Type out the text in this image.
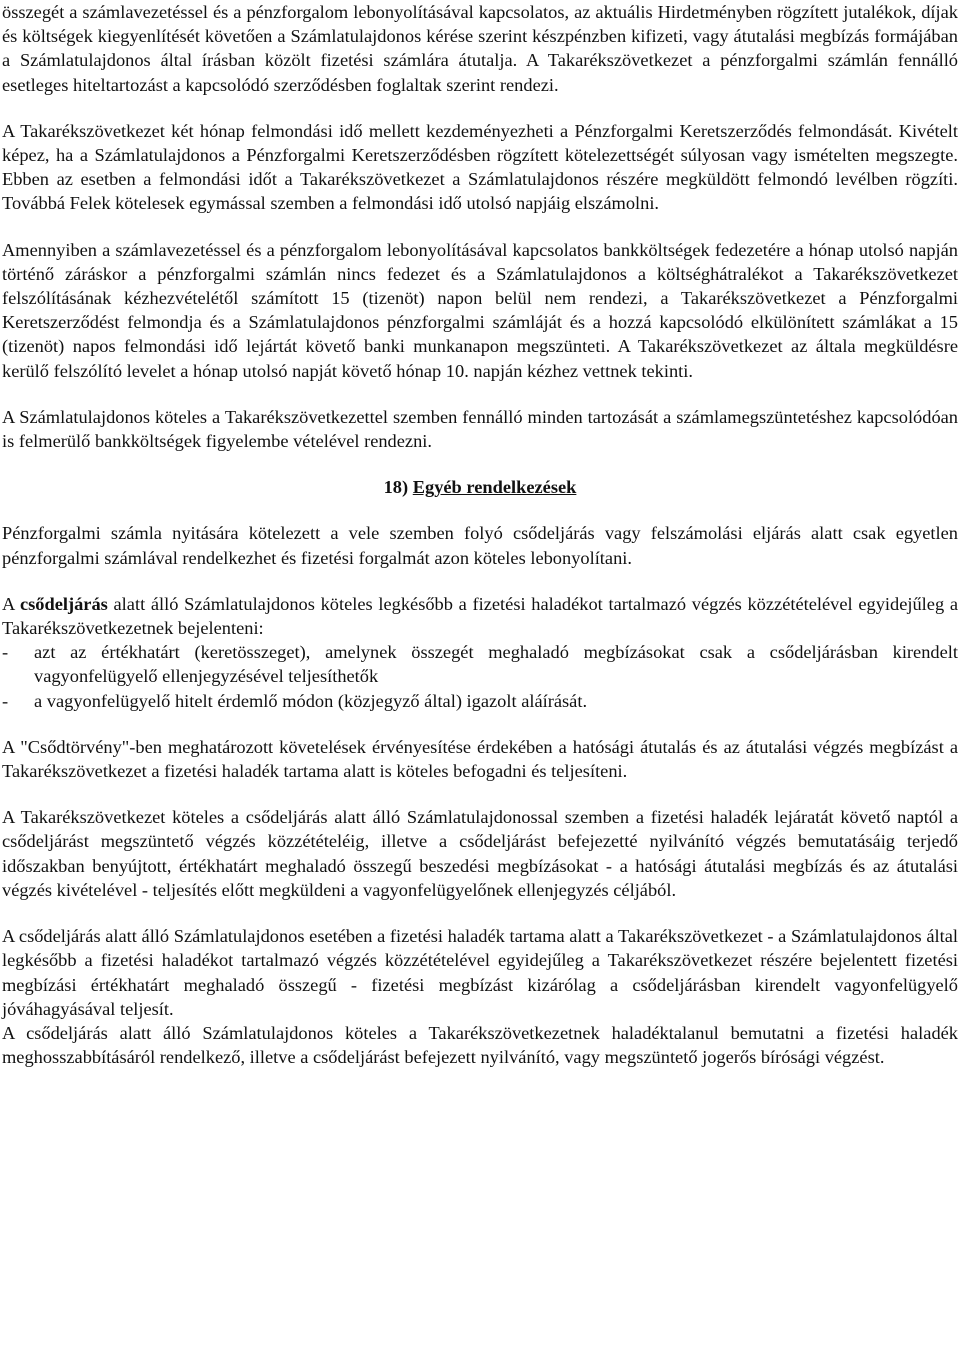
összegét a számlavezetéssel és a pénzforgalom lebonyolításával kapcsolatos, az aktuális Hirdetményben rögzített jutalékok, díjak és költségek kiegyenlítését követően a Számlatulajdonos kérése szerint készpénzben kifizeti, vagy átutalási megbízás formájában a Számlatulajdonos által írásban közölt fizetési számlára átutalja. A Takarékszövetkezet a pénzforgalmi számlán fennálló esetleges hiteltartozást a kapcsolódó szerződésben foglaltak szerint rendezi.

A Takarékszövetkezet két hónap felmondási idő mellett kezdeményezheti a Pénzforgalmi Keretszerződés felmondását. Kivételt képez, ha a Számlatulajdonos a Pénzforgalmi Keretszerződésben rögzített kötelezettségét súlyosan vagy ismételten megszegte. Ebben az esetben a felmondási időt a Takarékszövetkezet a Számlatulajdonos részére megküldött felmondó levélben rögzíti. Továbbá Felek kötelesek egymással szemben a felmondási idő utolsó napjáig elszámolni.

Amennyiben a számlavezetéssel és a pénzforgalom lebonyolításával kapcsolatos bankköltségek fedezetére a hónap utolsó napján történő záráskor a pénzforgalmi számlán nincs fedezet és a Számlatulajdonos a költséghátralékot a Takarékszövetkezet felszólításának kézhezvételétől számított 15 (tizenöt) napon belül nem rendezi, a Takarékszövetkezet a Pénzforgalmi Keretszerződést felmondja és a Számlatulajdonos pénzforgalmi számláját és a hozzá kapcsolódó elkülönített számlákat a 15 (tizenöt) napos felmondási idő lejártát követő banki munkanapon megszünteti. A Takarékszövetkezet az általa megküldésre kerülő felszólító levelet a hónap utolsó napját követő hónap 10. napján kézhez vettnek tekinti.

A Számlatulajdonos köteles a Takarékszövetkezettel szemben fennálló minden tartozását a számlamegszüntetéshez kapcsolódóan is felmerülő bankköltségek figyelembe vételével rendezni.

18) Egyéb rendelkezések

Pénzforgalmi számla nyitására kötelezett a vele szemben folyó csődeljárás vagy felszámolási eljárás alatt csak egyetlen pénzforgalmi számlával rendelkezhet és fizetési forgalmát azon köteles lebonyolítani.

A csődeljárás alatt álló Számlatulajdonos köteles legkésőbb a fizetési haladékot tartalmazó végzés közzétételével egyidejűleg a Takarékszövetkezetnek bejelenteni:

-	azt az értékhatárt (keretösszeget), amelynek összegét meghaladó megbízásokat csak a csődeljárásban kirendelt vagyonfelügyelő ellenjegyzésével teljesíthetők
-	a vagyonfelügyelő hitelt érdemlő módon (közjegyző által) igazolt aláírását.

A "Csődtörvény"-ben meghatározott követelések érvényesítése érdekében a hatósági átutalás és az átutalási végzés megbízást a Takarékszövetkezet a fizetési haladék tartama alatt is köteles befogadni és teljesíteni.

A Takarékszövetkezet köteles a csődeljárás alatt álló Számlatulajdonossal szemben a fizetési haladék lejáratát követő naptól a csődeljárást megszüntető végzés közzétételéig, illetve a csődeljárást befejezetté nyilvánító végzés bemutatásáig terjedő időszakban benyújtott, értékhatárt meghaladó összegű beszedési megbízásokat - a hatósági átutalási megbízás és az átutalási végzés kivételével - teljesítés előtt megküldeni a vagyonfelügyelőnek ellenjegyzés céljából.

A csődeljárás alatt álló Számlatulajdonos esetében a fizetési haladék tartama alatt a Takarékszövetkezet - a Számlatulajdonos által legkésőbb a fizetési haladékot tartalmazó végzés közzétételével egyidejűleg a Takarékszövetkezet részére bejelentett fizetési megbízási értékhatárt meghaladó összegű - fizetési megbízást kizárólag a csődeljárásban kirendelt vagyonfelügyelő jóváhagyásával teljesít.

A csődeljárás alatt álló Számlatulajdonos köteles a Takarékszövetkezetnek haladéktalanul bemutatni a fizetési haladék meghosszabbításáról rendelkező, illetve a csődeljárást befejezett nyilvánító, vagy megszüntető jogerős bírósági végzést.
